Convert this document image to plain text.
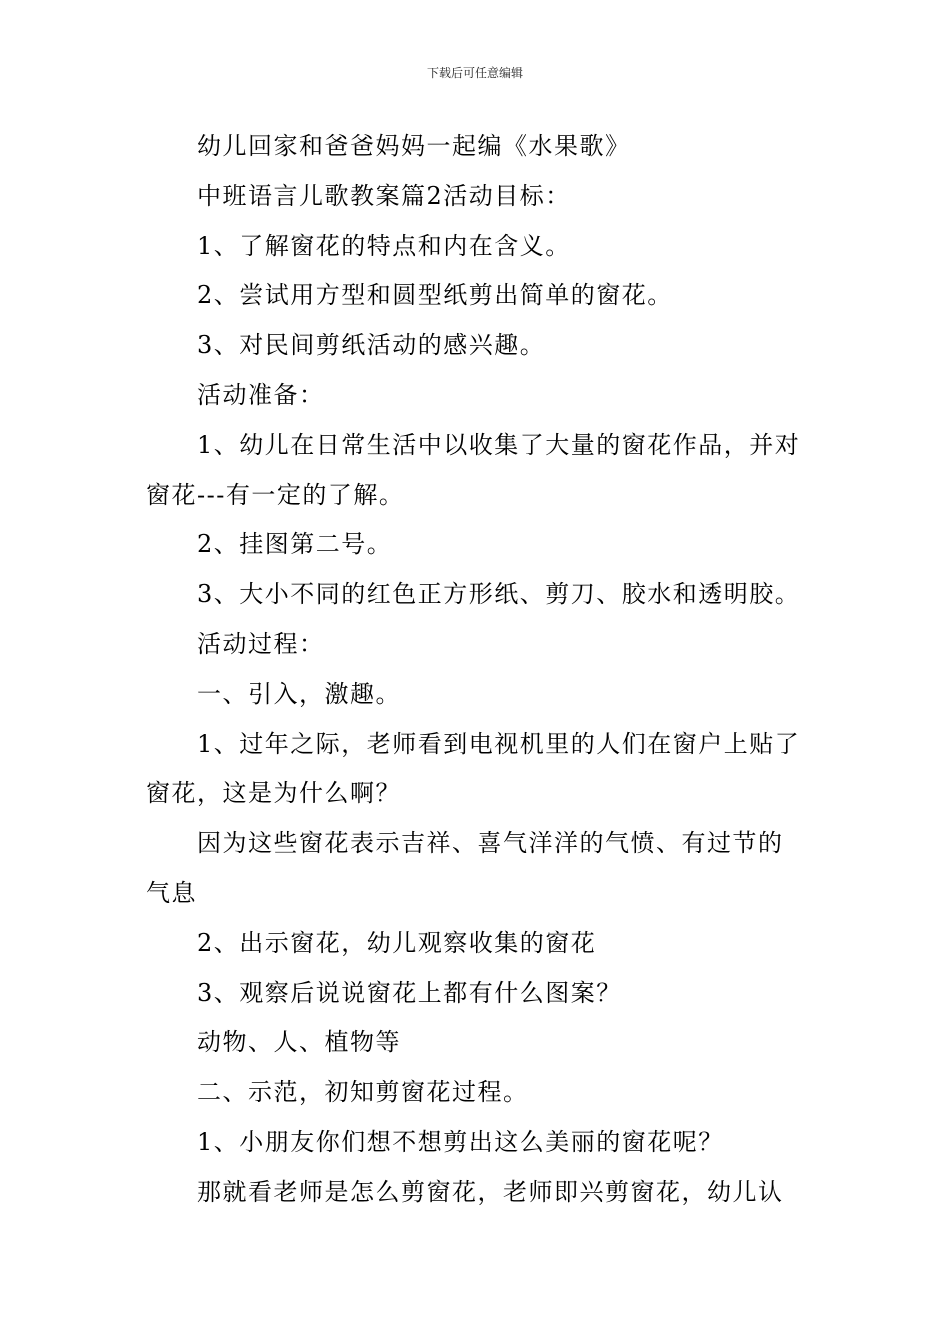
下载后可任意编辑

幼儿回家和爸爸妈妈一起编《水果歌》

中班语言儿歌教案篇2活动目标：

1、了解窗花的特点和内在含义。

2、尝试用方型和圆型纸剪出简单的窗花。

3、对民间剪纸活动的感兴趣。

活动准备：

1、幼儿在日常生活中以收集了大量的窗花作品，并对窗花---有一定的了解。

2、挂图第二号。

3、大小不同的红色正方形纸、剪刀、胶水和透明胶。

活动过程：

一、引入，激趣。

1、过年之际，老师看到电视机里的人们在窗户上贴了窗花，这是为什么啊？

因为这些窗花表示吉祥、喜气洋洋的气愤、有过节的气息

2、出示窗花，幼儿观察收集的窗花

3、观察后说说窗花上都有什么图案？

动物、人、植物等

二、示范，初知剪窗花过程。

1、小朋友你们想不想剪出这么美丽的窗花呢？

那就看老师是怎么剪窗花，老师即兴剪窗花，幼儿认
